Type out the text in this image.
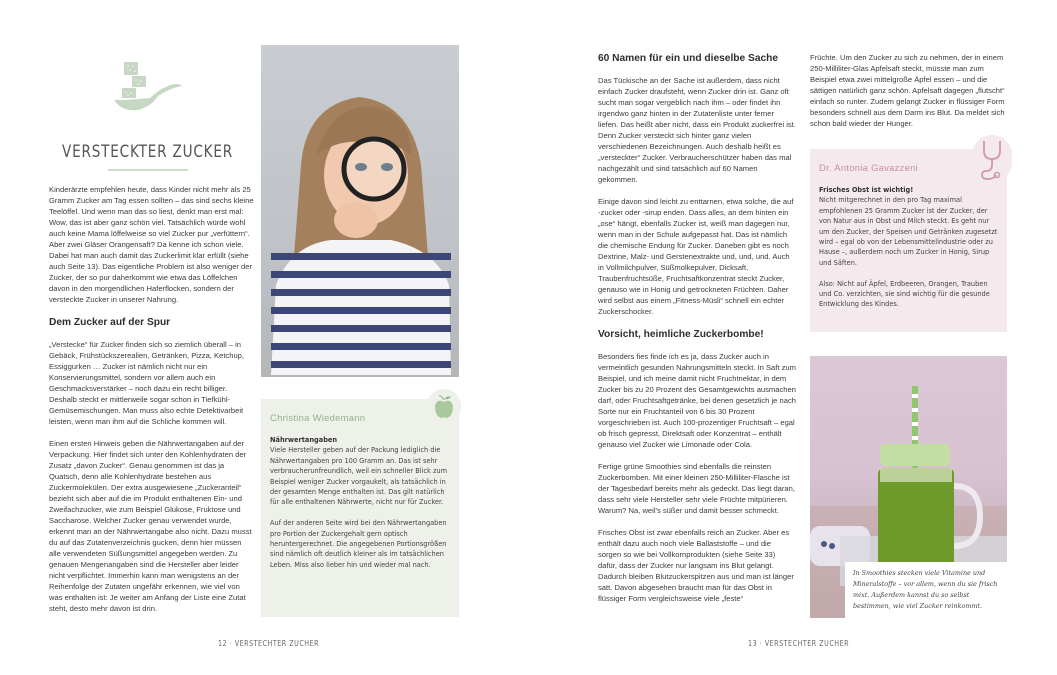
VERSTECKTER ZUCKER

Kinderärzte empfehlen heute, dass Kinder nicht mehr als 25 Gramm Zucker am Tag essen sollten – das sind sechs kleine Teelöffel. Und wenn man das so liest, denkt man erst mal: Wow, das ist aber ganz schön viel. Tatsächlich würde wohl auch keine Mama löffelweise so viel Zucker pur „verfüttern“. Aber zwei Gläser Orangensaft? Da kenne ich schon viele. Dabei hat man auch damit das Zuckerlimit klar erfüllt (siehe auch Seite 13). Das eigentliche Problem ist also weniger der Zucker, der so pur daherkommt wie etwa das Löffelchen davon in den morgendlichen Haferflocken, sondern der versteckte Zucker in unserer Nahrung.

Dem Zucker auf der Spur

„Verstecke“ für Zucker finden sich so ziemlich überall – in Gebäck, Frühstückszerealien, Getränken, Pizza, Ketchup, Essiggurken … Zucker ist nämlich nicht nur ein Konservierungsmittel, sondern vor allem auch ein Geschmacksverstärker – noch dazu ein recht billiger. Deshalb steckt er mittlerweile sogar schon in Tiefkühl-Gemüsemischungen. Man muss also echte Detektivarbeit leisten, wenn man ihm auf die Schliche kommen will.

Einen ersten Hinweis geben die Nährwertangaben auf der Verpackung. Hier findet sich unter den Kohlenhydraten der Zusatz „davon Zucker“. Genau genommen ist das ja Quatsch, denn alle Kohlenhydrate bestehen aus Zuckermolekülen. Der extra ausgewiesene „Zuckeranteil“ bezieht sich aber auf die im Produkt enthaltenen Ein- und Zweifachzucker, wie zum Beispiel Glukose, Fruktose und Saccharose. Welcher Zucker genau verwendet wurde, erkennt man an der Nährwertangabe also nicht. Dazu musst du auf das Zutatenverzeichnis gucken, denn hier müssen alle verwendeten Süßungsmittel angegeben werden. Zu genauen Mengenangaben sind die Hersteller aber leider nicht verpflichtet. Immerhin kann man wenigstens an der Reihenfolge der Zutaten ungefähr erkennen, wie viel von was enthalten ist: Je weiter am Anfang der Liste eine Zutat steht, desto mehr davon ist drin.

Christina Wiedemann
Nährwertangaben

Viele Hersteller geben auf der Packung lediglich die Nährwertangaben pro 100 Gramm an. Das ist sehr verbraucherunfreundlich, weil ein schneller Blick zum Beispiel weniger Zucker vorgaukelt, als tatsächlich in der gesamten Menge enthalten ist. Das gilt natürlich für alle enthaltenen Nährwerte, nicht nur für Zucker.

Auf der anderen Seite wird bei den Nährwertangaben pro Portion der Zuckergehalt gern optisch heruntergerechnet. Die angegebenen Portionsgrößen sind nämlich oft deutlich kleiner als im tatsächlichen Leben. Miss also lieber hin und wieder mal nach.

12 · VERSTECHTER ZUCHER
60 Namen für ein und dieselbe Sache

Das Tückische an der Sache ist außerdem, dass nicht einfach Zucker draufsteht, wenn Zucker drin ist. Ganz oft sucht man sogar vergeblich nach ihm – oder findet ihn irgendwo ganz hinten in der Zutatenliste unter ferner liefen. Das heißt aber nicht, dass ein Produkt zuckerfrei ist. Denn Zucker versteckt sich hinter ganz vielen verschiedenen Bezeichnungen. Auch deshalb heißt es „versteckter“ Zucker. Verbraucherschützer haben das mal nachgezählt und sind tatsächlich auf 60 Namen gekommen.

Einige davon sind leicht zu enttarnen, etwa solche, die auf -zucker oder -sirup enden. Dass alles, an dem hinten ein „ose“ hängt, ebenfalls Zucker ist, weiß man dagegen nur, wenn man in der Schule aufgepasst hat. Das ist nämlich die chemische Endung für Zucker. Daneben gibt es noch Dextrine, Malz- und Gerstenextrakte und, und, und. Auch in Vollmilchpulver, Süßmolkepulver, Dicksaft, Traubenfruchtsüße, Fruchtsaftkonzentrat steckt Zucker, genauso wie in Honig und getrockneten Früchten. Daher wird selbst aus einem „Fitness-Müsli“ schnell ein echter Zuckerschocker.

Vorsicht, heimliche Zuckerbombe!

Besonders fies finde ich es ja, dass Zucker auch in vermeintlich gesunden Nahrungsmitteln steckt. In Saft zum Beispiel, und ich meine damit nicht Fruchtnektar, in dem Zucker bis zu 20 Prozent des Gesamtgewichts ausmachen darf, oder Fruchtsaftgetränke, bei denen gesetzlich je nach Sorte nur ein Fruchtanteil von 6 bis 30 Prozent vorgeschrieben ist. Auch 100-prozentiger Fruchtsaft – egal ob frisch gepresst, Direktsaft oder Konzentrat – enthält genauso viel Zucker wie Limonade oder Cola.

Fertige grüne Smoothies sind ebenfalls die reinsten Zuckerbomben. Mit einer kleinen 250-Milliliter-Flasche ist der Tagesbedarf bereits mehr als gedeckt. Das liegt daran, dass sehr viele Hersteller sehr viele Früchte mitpürieren. Warum? Na, weil's süßer und damit besser schmeckt.

Frisches Obst ist zwar ebenfalls reich an Zucker. Aber es enthält dazu auch noch viele Ballaststoffe – und die sorgen so wie bei Vollkornprodukten (siehe Seite 33) dafür, dass der Zucker nur langsam ins Blut gelangt. Dadurch bleiben Blutzuckerspitzen aus und man ist länger satt. Davon abgesehen braucht man für das Obst in flüssiger Form vergleichsweise viele „feste“

Früchte. Um den Zucker zu sich zu nehmen, der in einem 250-Milliliter-Glas Apfelsaft steckt, müsste man zum Beispiel etwa zwei mittelgroße Äpfel essen – und die sättigen natürlich ganz schön. Apfelsaft dagegen „flutscht“ einfach so runter. Zudem gelangt Zucker in flüssiger Form besonders schnell aus dem Darm ins Blut. Da meldet sich schon bald wieder der Hunger.

Dr. Antonia Gavazzeni
Frisches Obst ist wichtig!

Nicht mitgerechnet in den pro Tag maximal empfohlenen 25 Gramm Zucker ist der Zucker, der von Natur aus in Obst und Milch steckt. Es geht nur um den Zucker, der Speisen und Getränken zugesetzt wird – egal ob von der Lebensmittelindustrie oder zu Hause –, außerdem noch um Zucker in Honig, Sirup und Säften.

Also: Nicht auf Äpfel, Erdbeeren, Orangen, Trauben und Co. verzichten, sie sind wichtig für die gesunde Entwicklung des Kindes.

In Smoothies stecken viele Vitamine und Mineralstoffe – vor allem, wenn du sie frisch mixt. Außerdem kannst du so selbst bestimmen, wie viel Zucker reinkommt.
13 · VERSTECHTER ZUCHER
